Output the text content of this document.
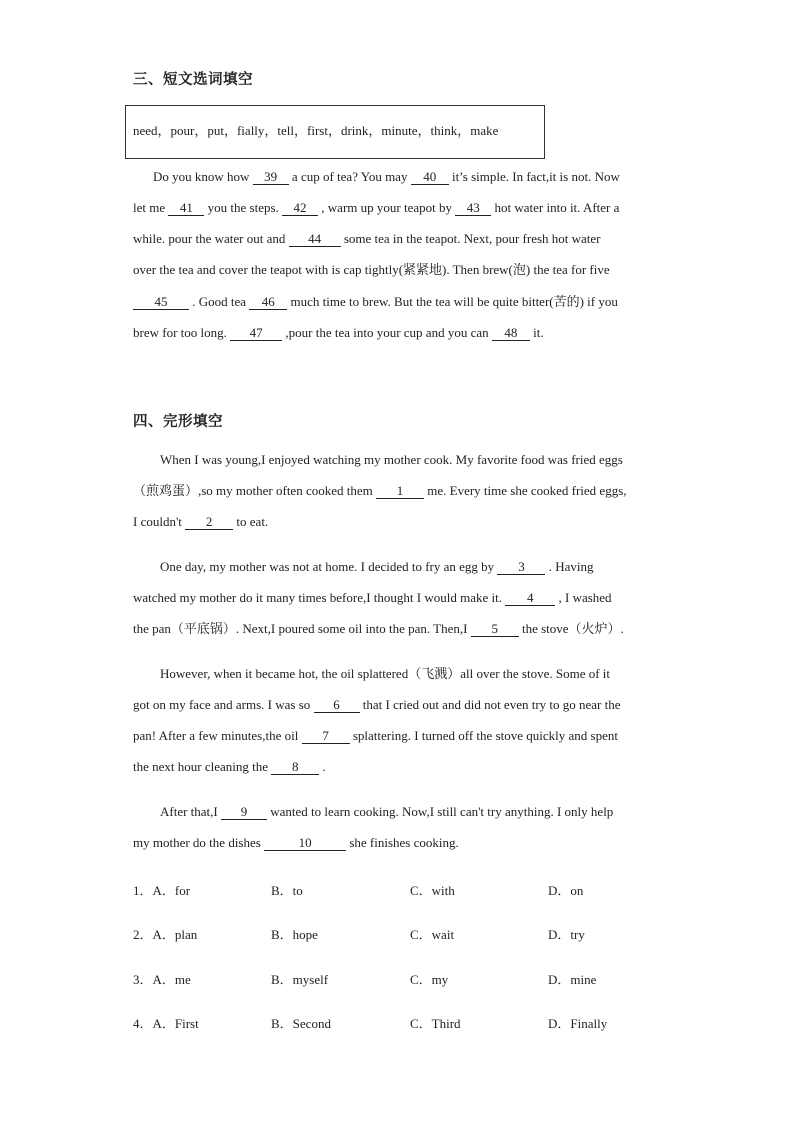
三、短文选词填空
need，pour，put，fially，tell，first，drink，minute，think，make
Do you know how 39 a cup of tea? You may 40 it’s simple. In fact,it is not. Now
let me 41 you the steps. 42 , warm up your teapot by 43 hot water into it. After a
while. pour the water out and 44 some tea in the teapot. Next, pour fresh hot water
over the tea and cover the teapot with is cap tightly(紧紧地). Then brew(泡) the tea for five
45 . Good tea 46 much time to brew. But the tea will be quite bitter(苦的) if you
brew for too long. 47 ,pour the tea into your cup and you can 48 it.
四、完形填空
When I was young,I enjoyed watching my mother cook. My favorite food was fried eggs
（煎鸡蛋）,so my mother often cooked them 1 me. Every time she cooked fried eggs,
I couldn't 2 to eat.
One day, my mother was not at home. I decided to fry an egg by 3 . Having
watched my mother do it many times before,I thought I would make it. 4 , I washed
the pan（平底锅）. Next,I poured some oil into the pan. Then,I 5 the stove（火炉）.
However, when it became hot, the oil splattered（飞溅）all over the stove. Some of it
got on my face and arms. I was so 6 that I cried out and did not even try to go near the
pan! After a few minutes,the oil 7 splattering. I turned off the stove quickly and spent
the next hour cleaning the 8 .
After that,I 9 wanted to learn cooking. Now,I still can't try anything. I only help
my mother do the dishes	10	she finishes cooking.
1．A．for	B．to	C．with	D．on
2．A．plan	B．hope	C．wait	D．try
3．A．me	B．myself	C．my	D．mine
4．A．First	B．Second	C．Third	D．Finally
